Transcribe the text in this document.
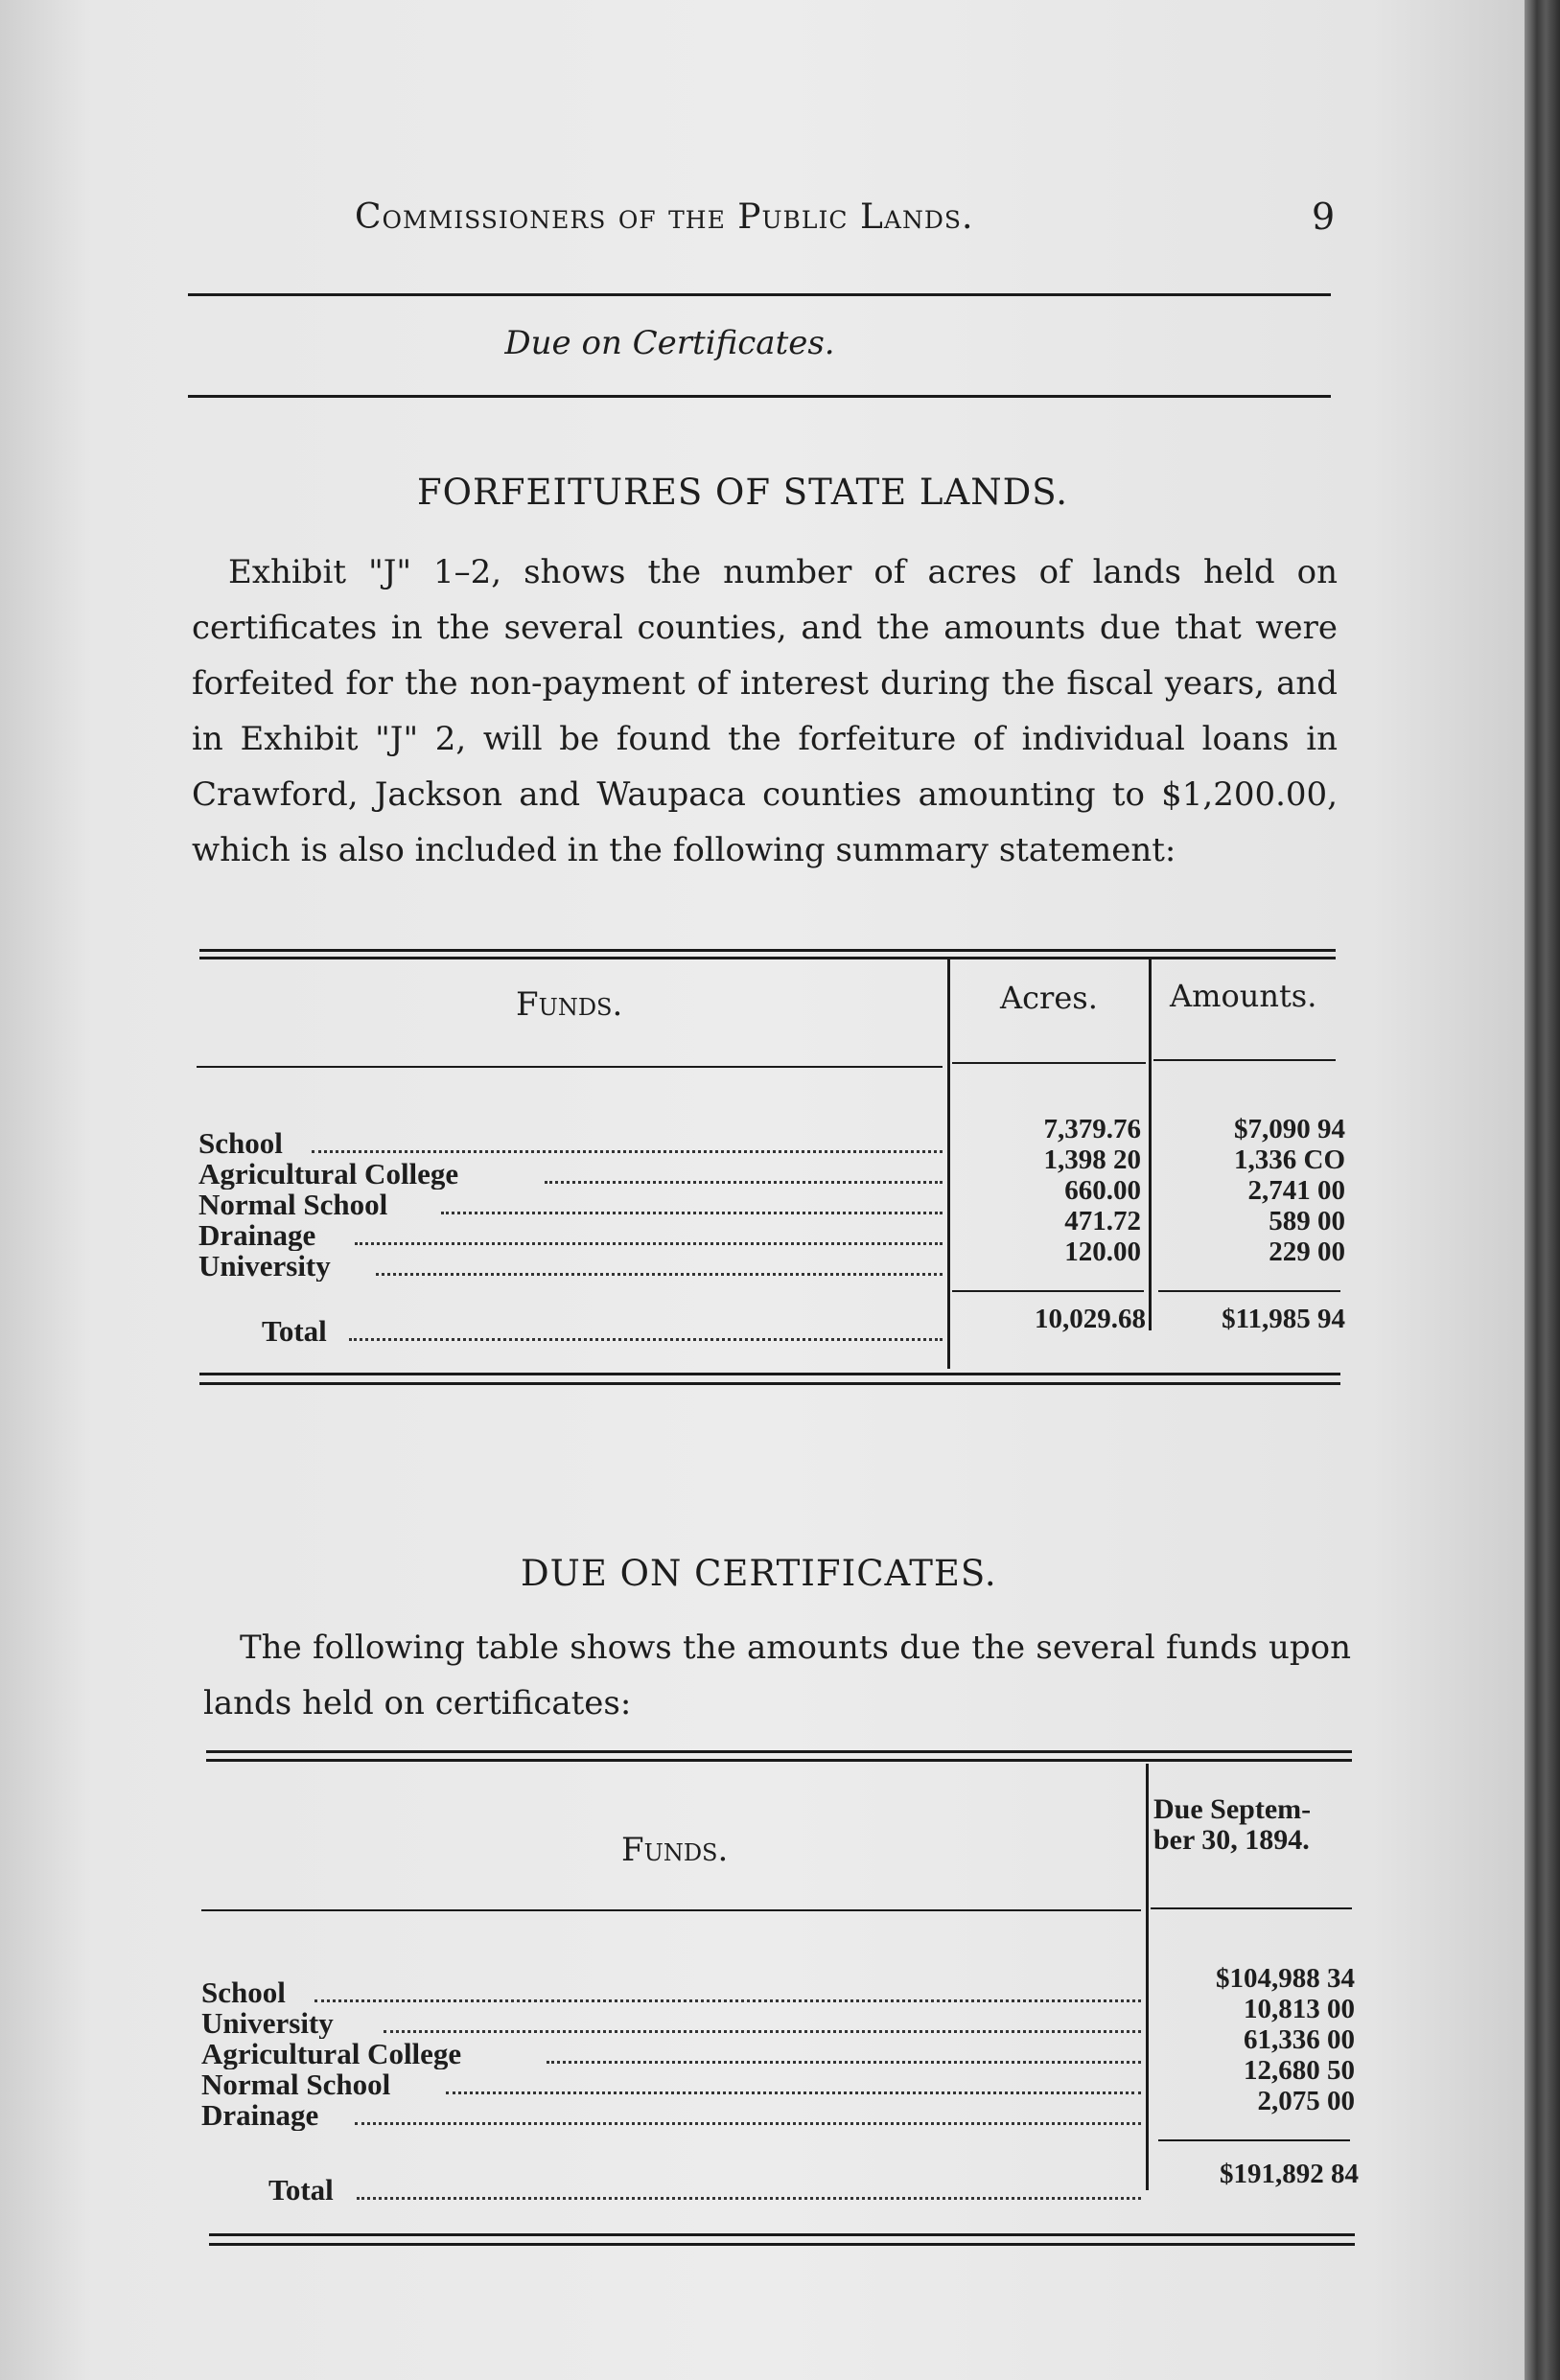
Commissioners of the Public Lands.	9
Due on Certificates.
FORFEITURES OF STATE LANDS.
Exhibit "J" 1–2, shows the number of acres of lands held on certificates in the several counties, and the amounts due that were forfeited for the non-payment of interest during the fiscal years, and in Exhibit "J" 2, will be found the forfeiture of individual loans in Crawford, Jackson and Waupaca counties amounting to $1,200.00, which is also included in the following summary statement:
Funds.	Acres. Amounts.
School	7,379.76	$7,090 94
Agricultural College	1,398 20	1,336 CO
Normal School	660.00	2,741 00
Drainage	471.72	589 00
University	120.00	229 00
Total	10,029.68	$11,985 94
DUE ON CERTIFICATES.
The following table shows the amounts due the several funds upon lands held on certificates:
Funds.
Due Septem- ber 30, 1894.
School	$104,988 34
University	10,813 00
Agricultural College	61,336 00
Normal School	12,680 50
Drainage	2,075 00
Total	$191,892 84
